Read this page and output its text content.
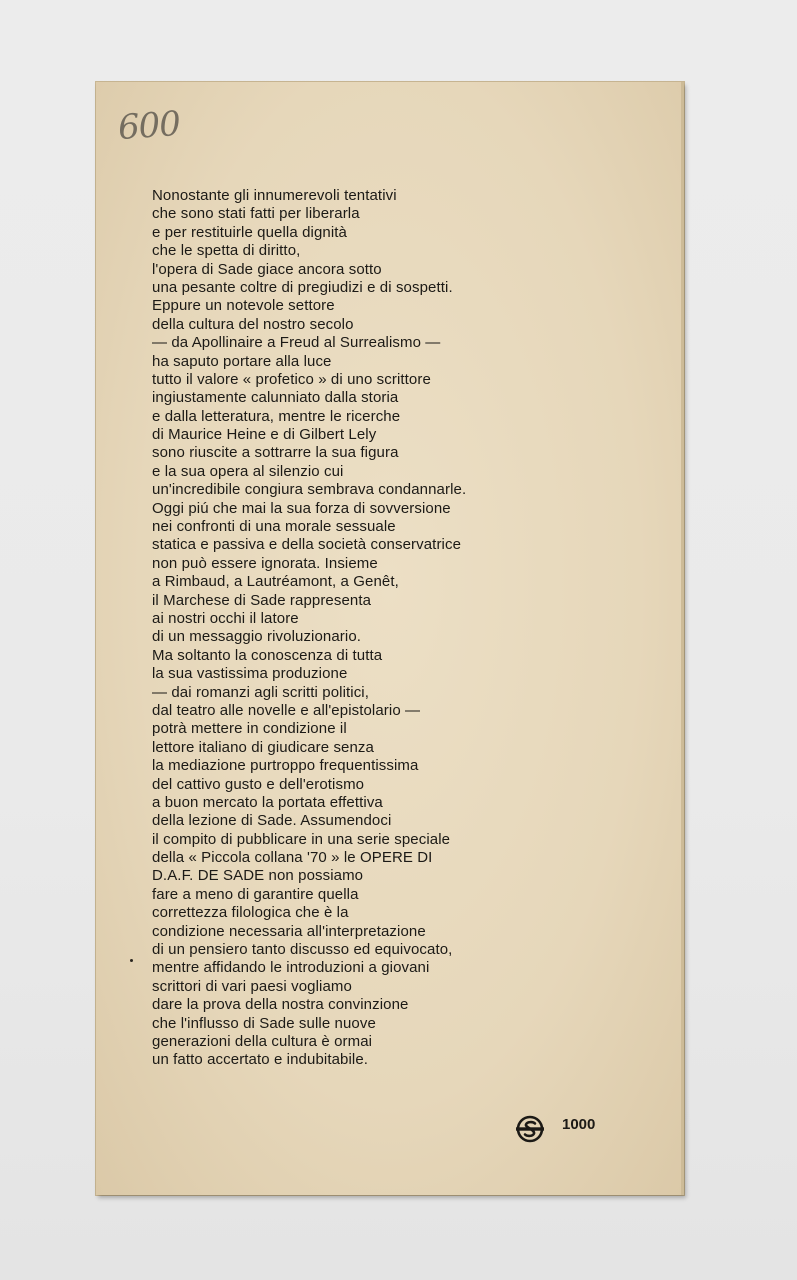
600
Nonostante gli innumerevoli tentativi
che sono stati fatti per liberarla
e per restituirle quella dignità
che le spetta di diritto,
l'opera di Sade giace ancora sotto
una pesante coltre di pregiudizi e di sospetti.
Eppure un notevole settore
della cultura del nostro secolo
— da Apollinaire a Freud al Surrealismo —
ha saputo portare alla luce
tutto il valore « profetico » di uno scrittore
ingiustamente calunniato dalla storia
e dalla letteratura, mentre le ricerche
di Maurice Heine e di Gilbert Lely
sono riuscite a sottrarre la sua figura
e la sua opera al silenzio cui
un'incredibile congiura sembrava condannarle.
Oggi piú che mai la sua forza di sovversione
nei confronti di una morale sessuale
statica e passiva e della società conservatrice
non può essere ignorata. Insieme
a Rimbaud, a Lautréamont, a Genêt,
il Marchese di Sade rappresenta
ai nostri occhi il latore
di un messaggio rivoluzionario.
Ma soltanto la conoscenza di tutta
la sua vastissima produzione
— dai romanzi agli scritti politici,
dal teatro alle novelle e all'epistolario —
potrà mettere in condizione il
lettore italiano di giudicare senza
la mediazione purtroppo frequentissima
del cattivo gusto e dell'erotismo
a buon mercato la portata effettiva
della lezione di Sade. Assumendoci
il compito di pubblicare in una serie speciale
della « Piccola collana '70 » le OPERE DI
D.A.F. DE SADE non possiamo
fare a meno di garantire quella
correttezza filologica che è la
condizione necessaria all'interpretazione
di un pensiero tanto discusso ed equivocato,
mentre affidando le introduzioni a giovani
scrittori di vari paesi vogliamo
dare la prova della nostra convinzione
che l'influsso di Sade sulle nuove
generazioni della cultura è ormai
un fatto accertato e indubitabile.
1000
